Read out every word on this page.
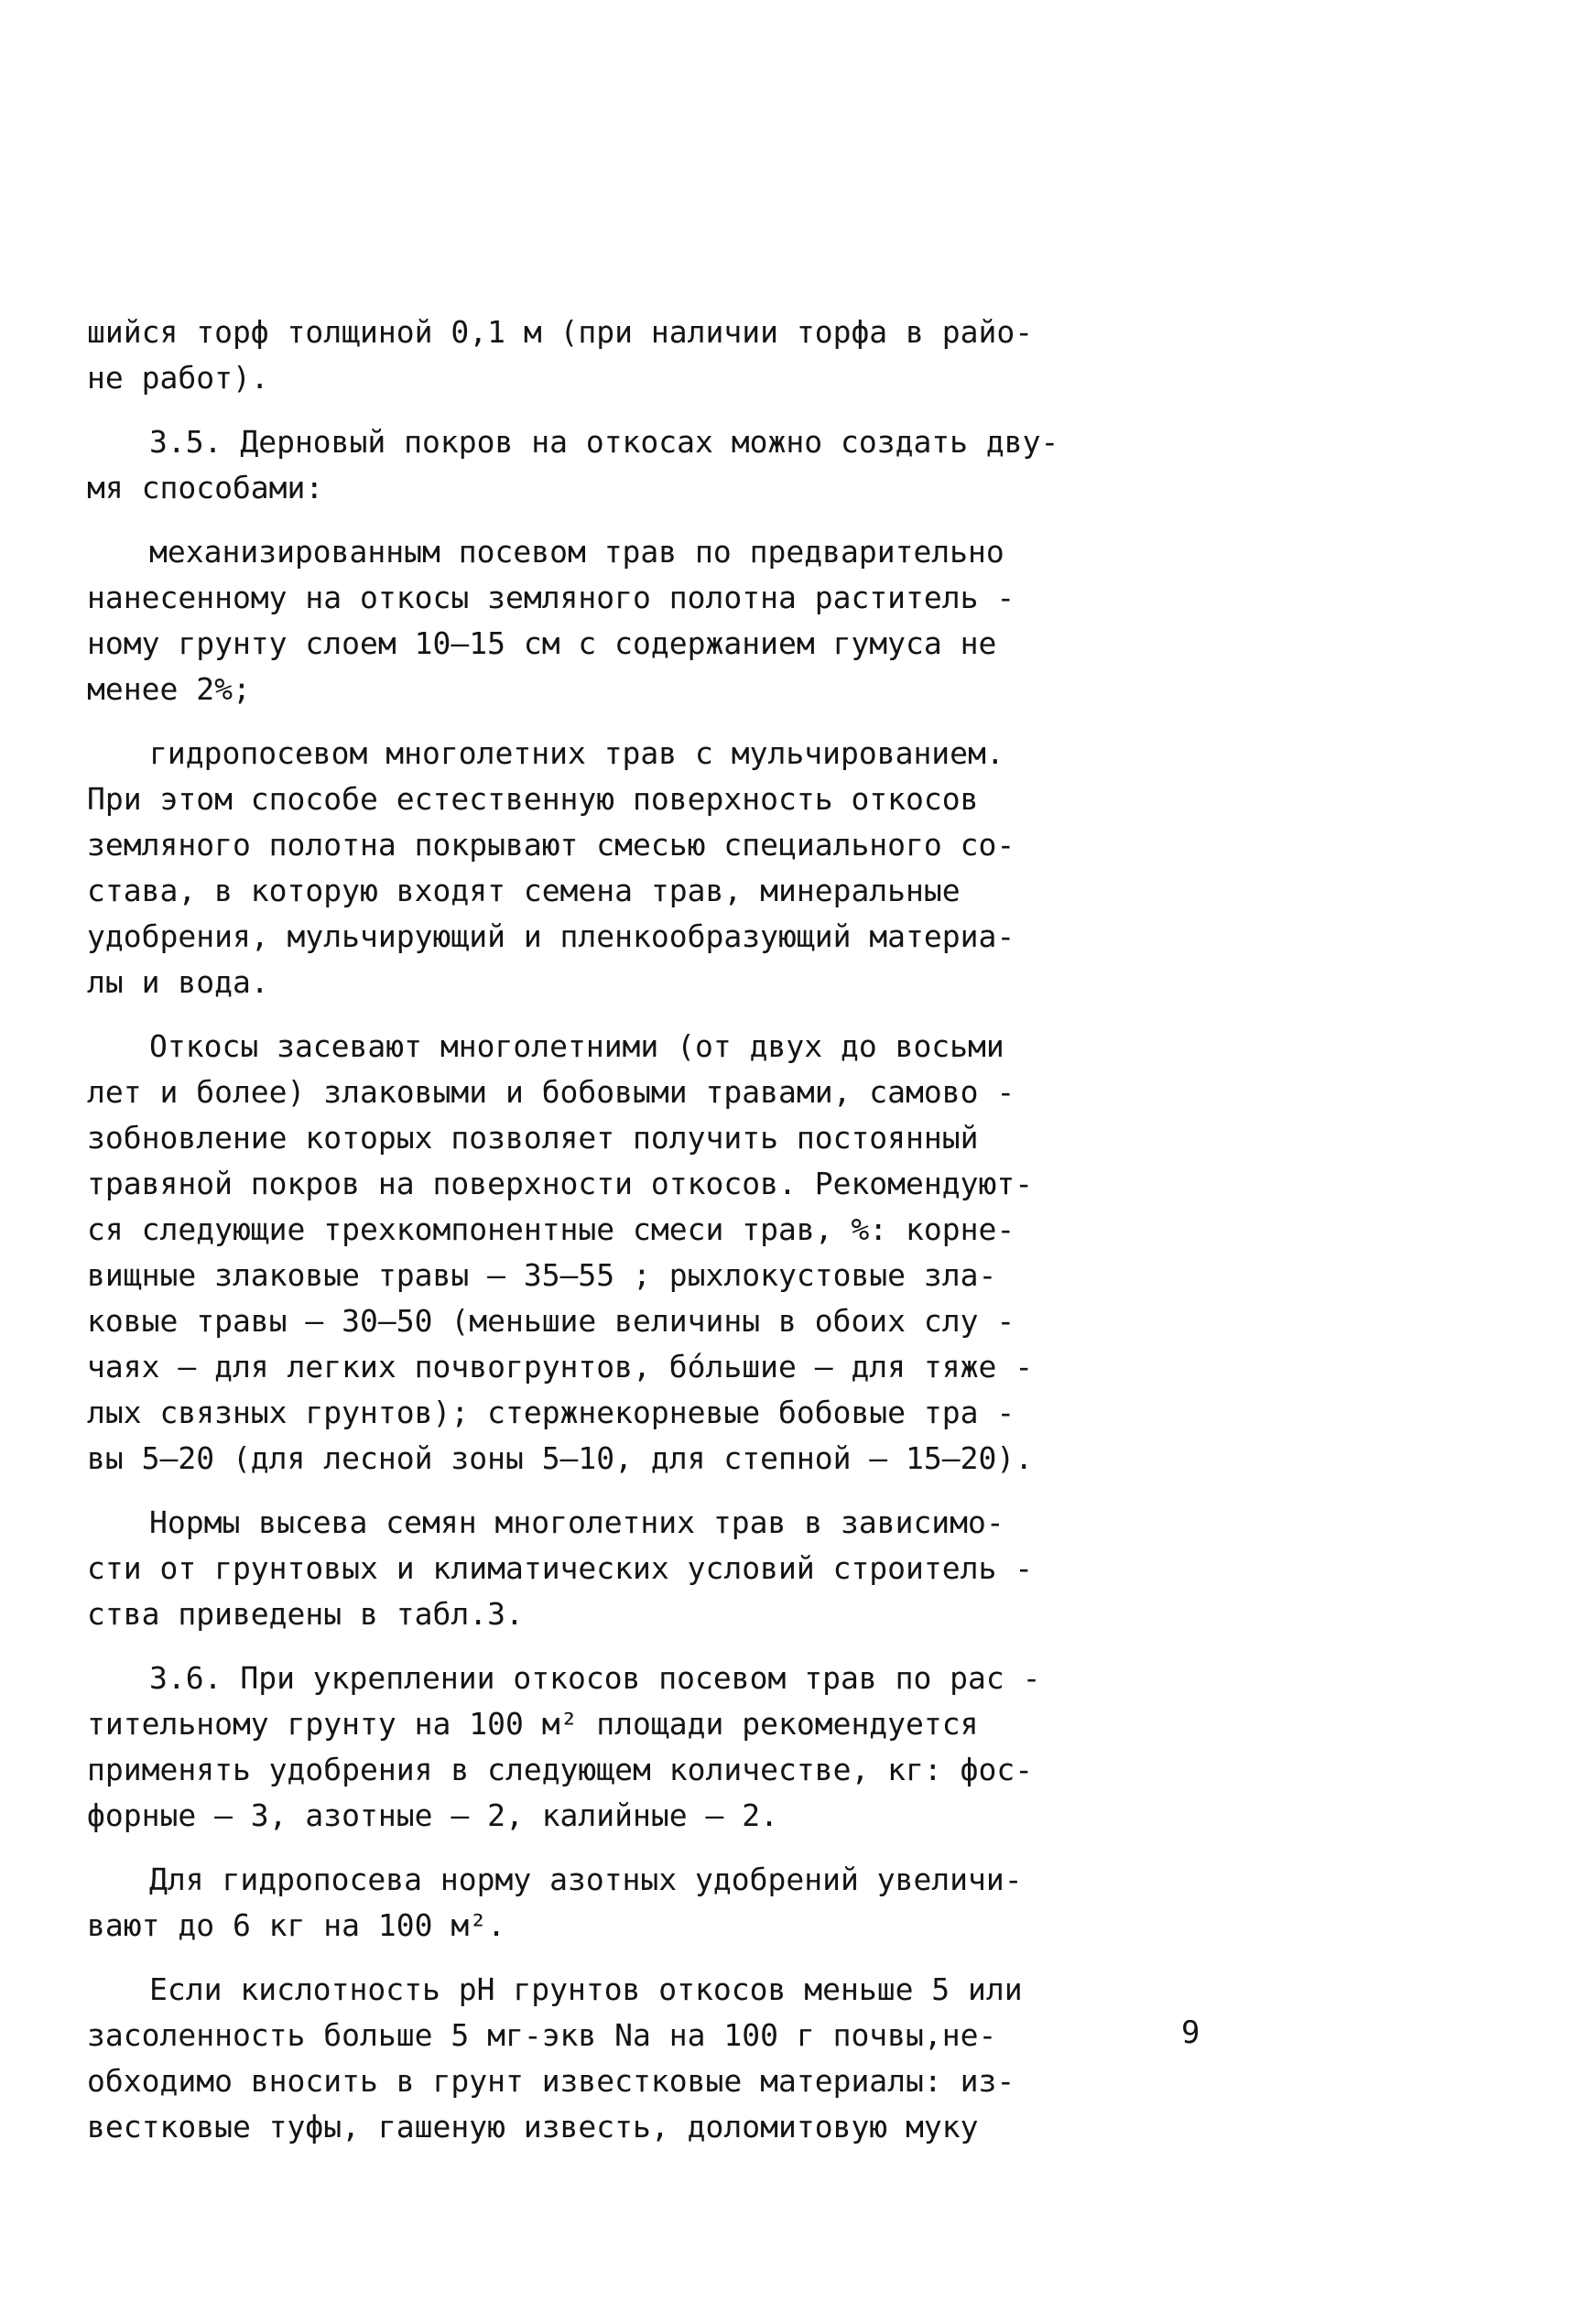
шийся торф толщиной 0,1 м (при наличии торфа в райо-
не работ).
3.5. Дерновый покров на откосах можно создать дву-
мя способами:
механизированным посевом трав по предварительно
нанесенному на откосы земляного полотна раститель -
ному грунту слоем 10–15 см с содержанием гумуса не
менее 2%;
гидропосевом многолетних трав с мульчированием.
При этом способе естественную поверхность откосов
земляного полотна покрывают смесью специального со-
става, в которую входят семена трав, минеральные
удобрения, мульчирующий и пленкообразующий материа-
лы и вода.
Откосы засевают многолетними (от двух до восьми
лет и более) злаковыми и бобовыми травами, самово -
зобновление которых позволяет получить постоянный
травяной покров на поверхности откосов. Рекомендуют-
ся следующие трехкомпонентные смеси трав, %: корне-
вищные злаковые травы – 35–55 ; рыхлокустовые зла-
ковые травы – 30–50 (меньшие величины в обоих слу -
чаях – для легких почвогрунтов, бо́льшие – для тяже -
лых связных грунтов); стержнекорневые бобовые тра -
вы 5–20 (для лесной зоны 5–10, для степной – 15–20).
Нормы высева семян многолетних трав в зависимо-
сти от грунтовых и климатических условий строитель -
ства приведены в табл.3.
3.6. При укреплении откосов посевом трав по рас -
тительному грунту на 100 м² площади рекомендуется
применять удобрения в следующем количестве, кг: фос-
форные – 3, азотные – 2, калийные – 2.
Для гидропосева норму азотных удобрений увеличи-
вают до 6 кг на 100 м².
Если кислотность pH грунтов откосов меньше 5 или
засоленность больше 5 мг-экв Na на 100 г почвы,не-
обходимо вносить в грунт известковые материалы: из-
вестковые туфы, гашеную известь, доломитовую муку
9
